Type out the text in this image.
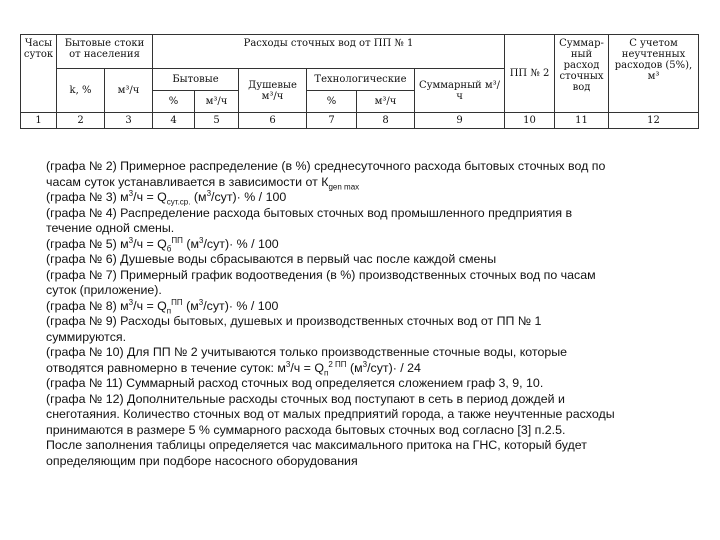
Часы суток	Бытовые стоки от населения		Расходы сточных вод от ПП № 1						ПП № 2	Суммар-ный расход сточных вод	С учетом неучтенных расходов (5%), м³
	k, %	м³/ч	Бытовые		Душевые м³/ч	Технологические		Суммарный м³/ч			
			%	м³/ч		%	м³/ч				
1	2	3	4	5	6	7	8	9	10	11	12

(графа № 2) Примерное распределение (в %) среднесуточного расхода бытовых сточных вод по

часам суток устанавливается в зависимости от $К_{gen max}$

(графа № 3) $м^3/ч = Q_{сут.ср.}$ $(м^3/сут)\cdot$ % / 100

(графа № 4) Распределение расхода бытовых сточных вод промышленного предприятия в

течение одной смены.

(графа № 5) $м^3/ч = Q_б^{ПП}$ $(м^3/сут)\cdot$ % / 100

(графа № 6) Душевые воды сбрасываются в первый час после каждой смены

(графа № 7) Примерный график водоотведения (в %) производственных сточных вод по часам

суток (приложение).

(графа № 8) $м^3/ч = Q_п^{ПП}$ $(м^3/сут)\cdot$ % / 100

(графа № 9) Расходы бытовых, душевых и производственных сточных вод от ПП № 1

суммируются.

(графа № 10) Для ПП № 2 учитываются только производственные сточные воды, которые

отводятся равномерно в течение суток: $м^3/ч = Q_п^{2 ПП}$ $(м^3/сут)\cdot / 24$

(графа № 11) Суммарный расход сточных вод определяется сложением граф 3, 9, 10.

(графа № 12) Дополнительные расходы сточных вод поступают в сеть в период дождей и

снеготаяния. Количество сточных вод от малых предприятий города, а также неучтенные расходы

принимаются в размере 5 % суммарного расхода бытовых сточных вод согласно [3] п.2.5.

После заполнения таблицы определяется час максимального притока на ГНС, который будет

определяющим при подборе насосного оборудования
